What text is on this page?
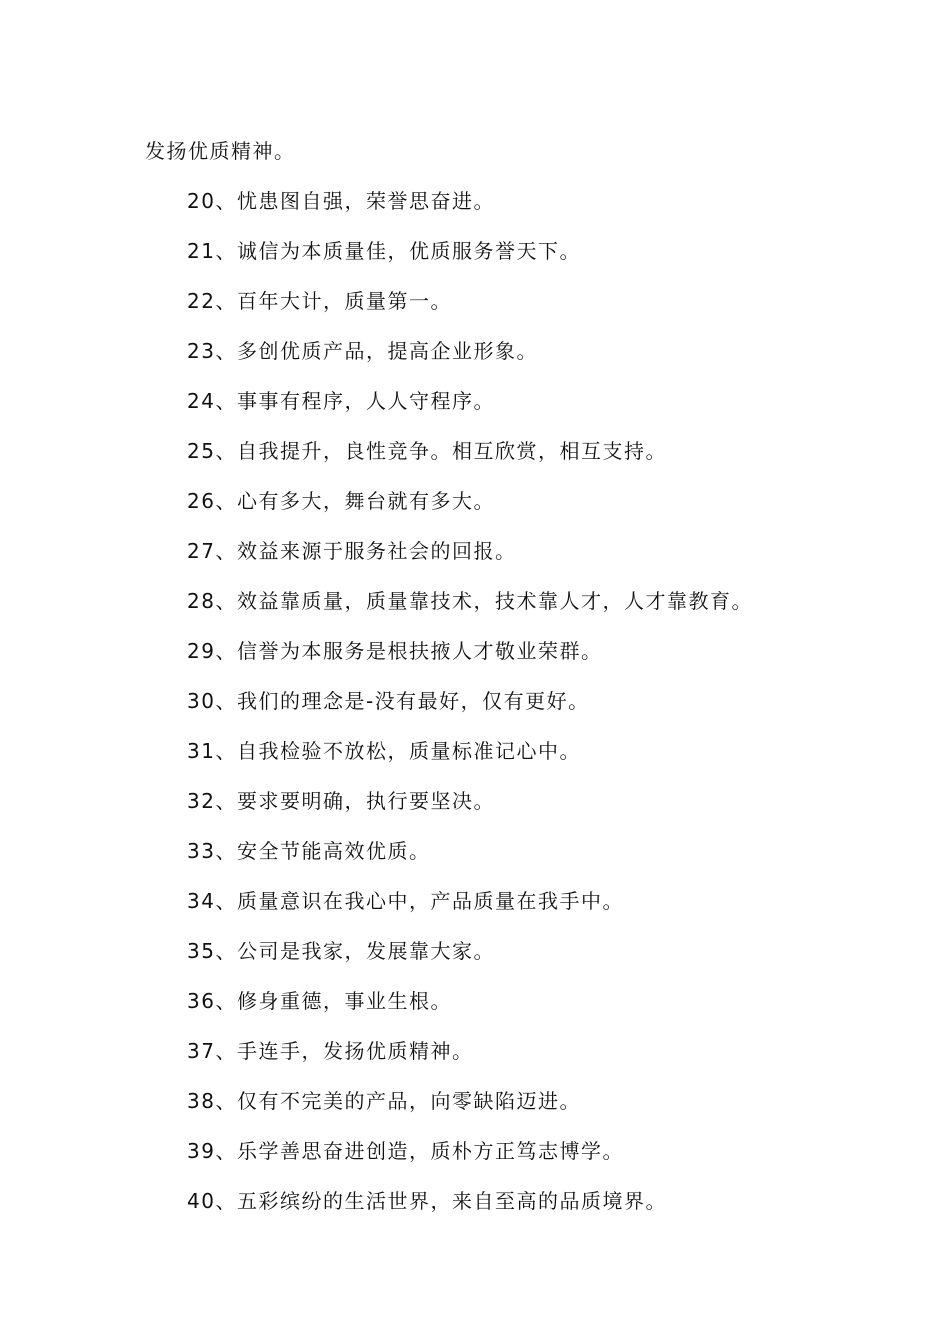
发扬优质精神。
20、忧患图自强，荣誉思奋进。
21、诚信为本质量佳，优质服务誉天下。
22、百年大计，质量第一。
23、多创优质产品，提高企业形象。
24、事事有程序，人人守程序。
25、自我提升，良性竞争。相互欣赏，相互支持。
26、心有多大，舞台就有多大。
27、效益来源于服务社会的回报。
28、效益靠质量，质量靠技术，技术靠人才，人才靠教育。
29、信誉为本服务是根扶掖人才敬业荣群。
30、我们的理念是-没有最好，仅有更好。
31、自我检验不放松，质量标准记心中。
32、要求要明确，执行要坚决。
33、安全节能高效优质。
34、质量意识在我心中，产品质量在我手中。
35、公司是我家，发展靠大家。
36、修身重德，事业生根。
37、手连手，发扬优质精神。
38、仅有不完美的产品，向零缺陷迈进。
39、乐学善思奋进创造，质朴方正笃志博学。
40、五彩缤纷的生活世界，来自至高的品质境界。
